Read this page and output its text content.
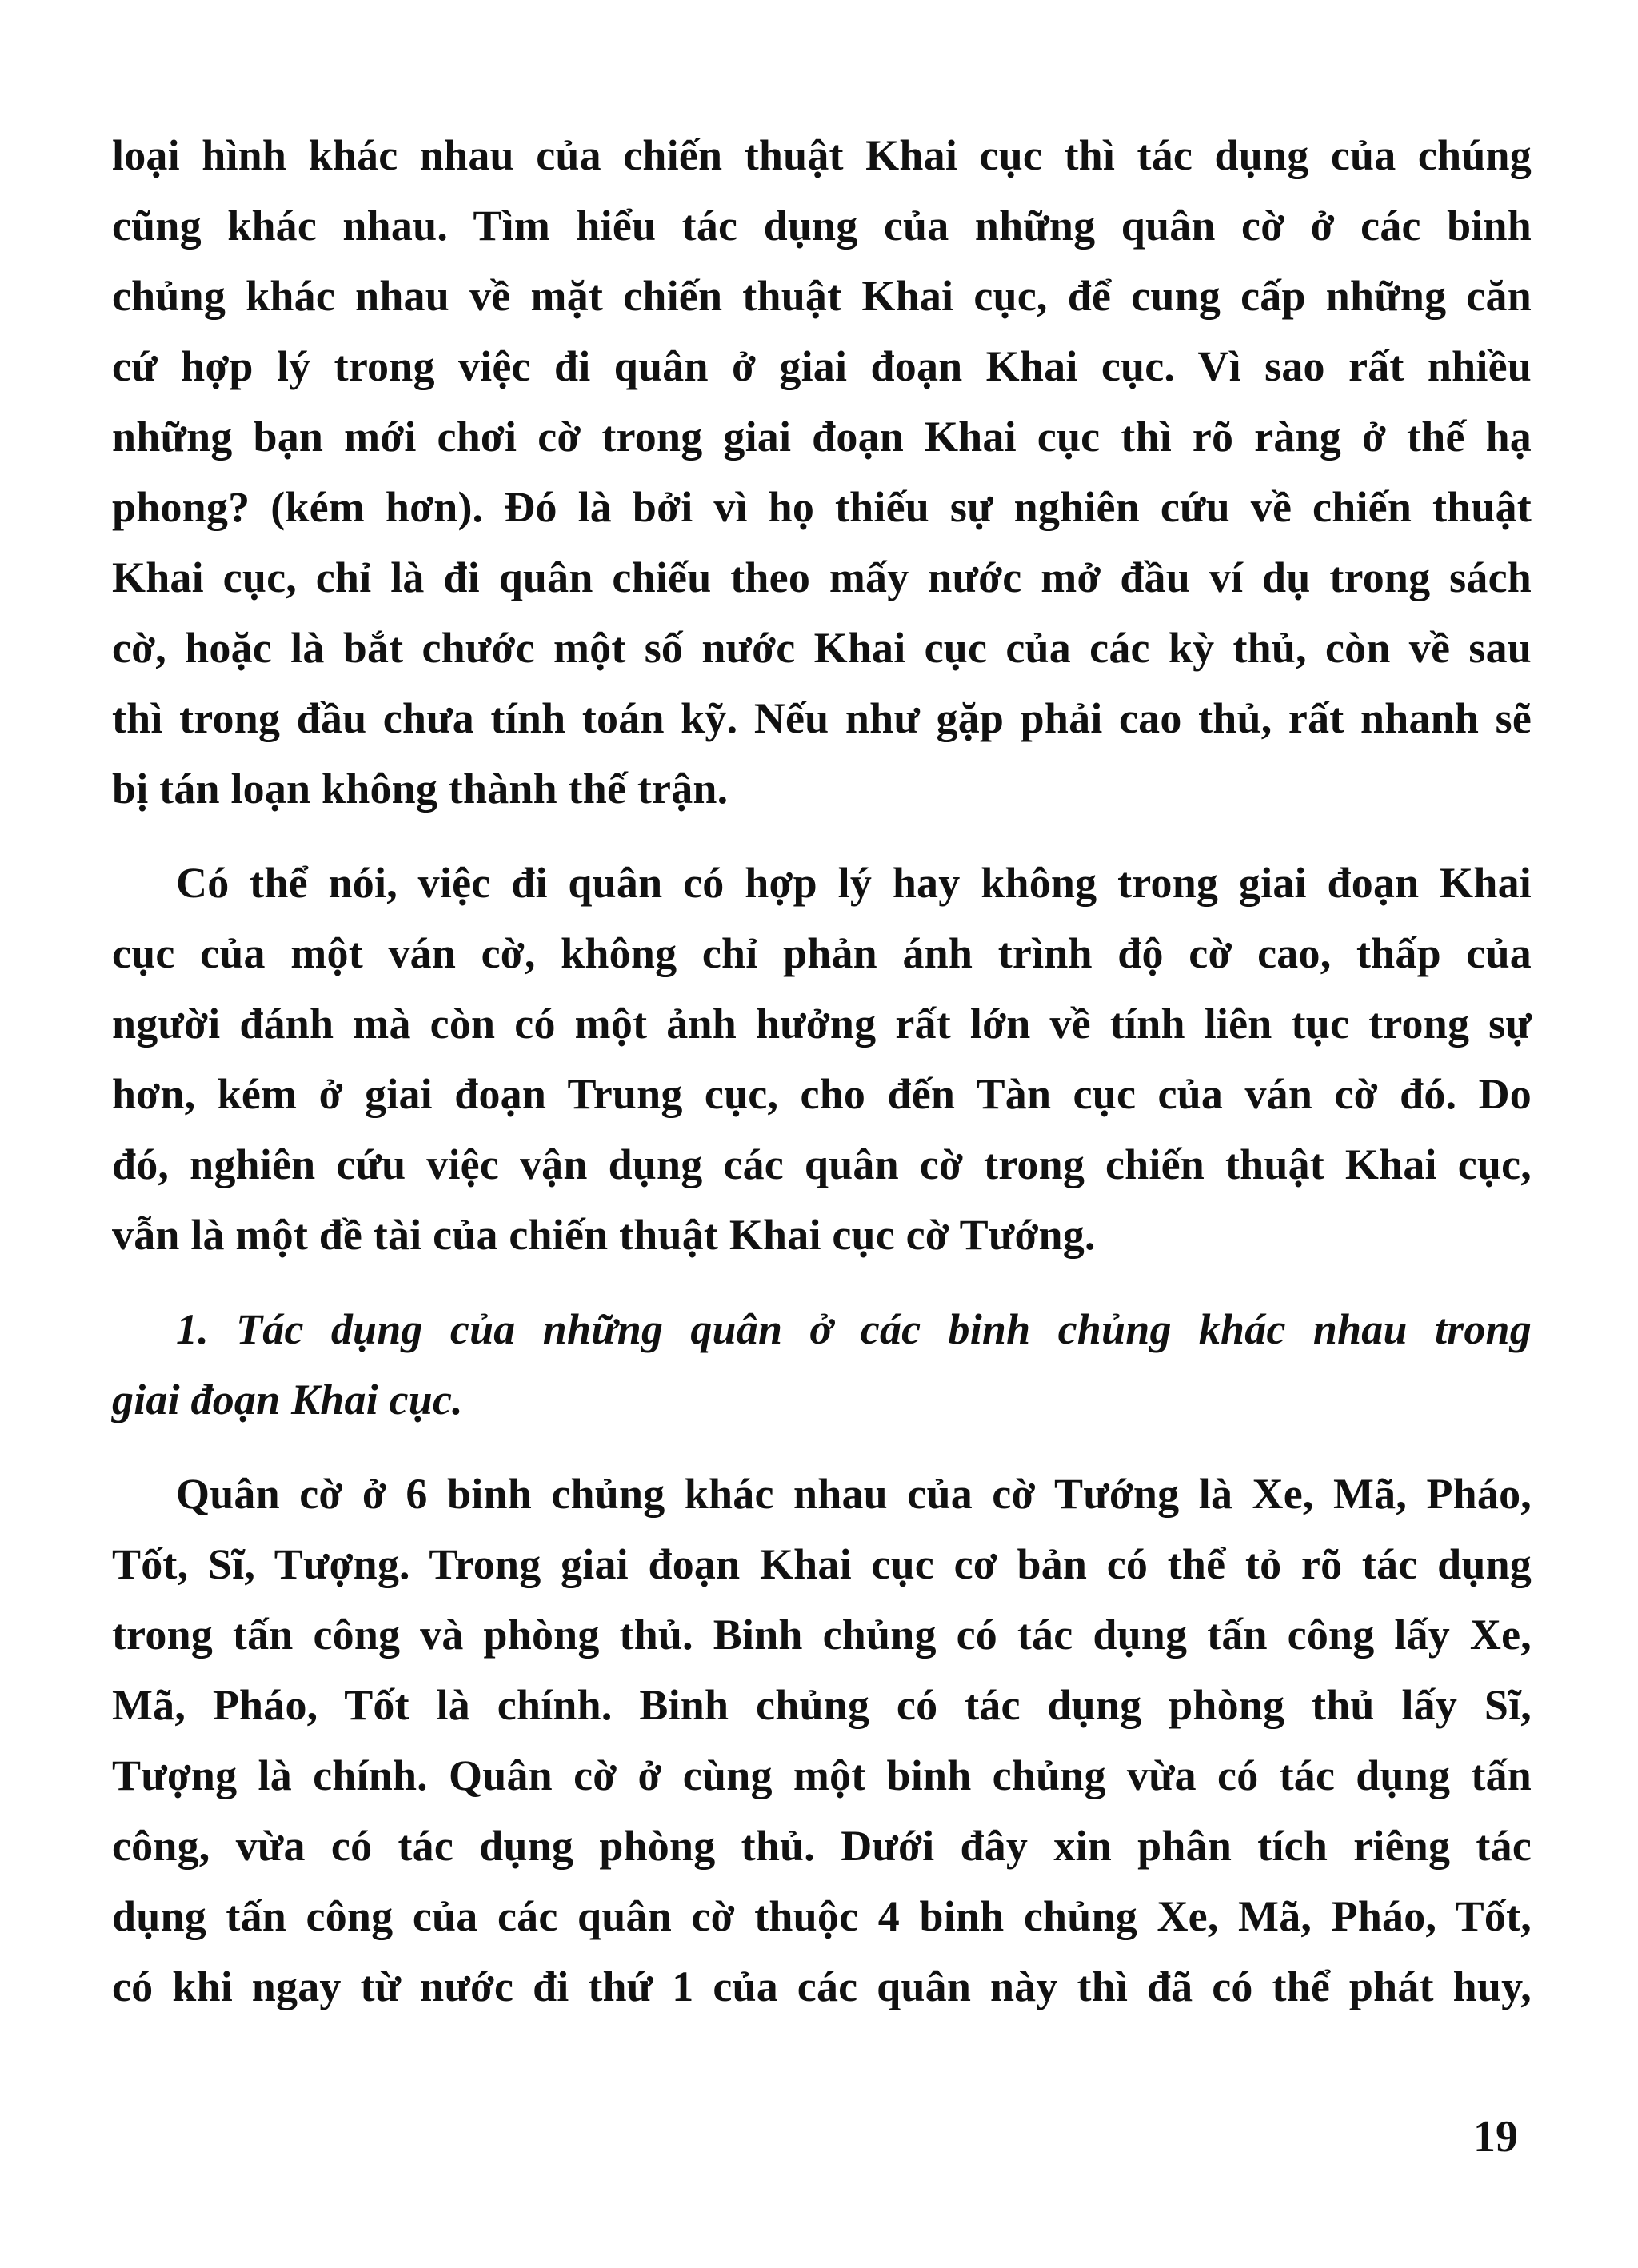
loại hình khác nhau của chiến thuật Khai cục thì tác dụng của chúng
cũng khác nhau. Tìm hiểu tác dụng của những quân cờ ở các binh
chủng khác nhau về mặt chiến thuật Khai cục, để cung cấp những căn
cứ hợp lý trong việc đi quân ở giai đoạn Khai cục. Vì sao rất nhiều
những bạn mới chơi cờ trong giai đoạn Khai cục thì rõ ràng ở thế hạ
phong? (kém hơn). Đó là bởi vì họ thiếu sự nghiên cứu về chiến thuật
Khai cục, chỉ là đi quân chiếu theo mấy nước mở đầu ví dụ trong sách
cờ, hoặc là bắt chước một số nước Khai cục của các kỳ thủ, còn về sau
thì trong đầu chưa tính toán kỹ. Nếu như gặp phải cao thủ, rất nhanh sẽ
bị tán loạn không thành thế trận.
Có thể nói, việc đi quân có hợp lý hay không trong giai đoạn Khai
cục của một ván cờ, không chỉ phản ánh trình độ cờ cao, thấp của
người đánh mà còn có một ảnh hưởng rất lớn về tính liên tục trong sự
hơn, kém ở giai đoạn Trung cục, cho đến Tàn cục của ván cờ đó. Do
đó, nghiên cứu việc vận dụng các quân cờ trong chiến thuật Khai cục,
vẫn là một đề tài của chiến thuật Khai cục cờ Tướng.
1. Tác dụng của những quân ở các binh chủng khác nhau trong
giai đoạn Khai cục.
Quân cờ ở 6 binh chủng khác nhau của cờ Tướng là Xe, Mã, Pháo,
Tốt, Sĩ, Tượng. Trong giai đoạn Khai cục cơ bản có thể tỏ rõ tác dụng
trong tấn công và phòng thủ. Binh chủng có tác dụng tấn công lấy Xe,
Mã, Pháo, Tốt là chính. Binh chủng có tác dụng phòng thủ lấy Sĩ,
Tượng là chính. Quân cờ ở cùng một binh chủng vừa có tác dụng tấn
công, vừa có tác dụng phòng thủ. Dưới đây xin phân tích riêng tác
dụng tấn công của các quân cờ thuộc 4 binh chủng Xe, Mã, Pháo, Tốt,
có khi ngay từ nước đi thứ 1 của các quân này thì đã có thể phát huy,
19
